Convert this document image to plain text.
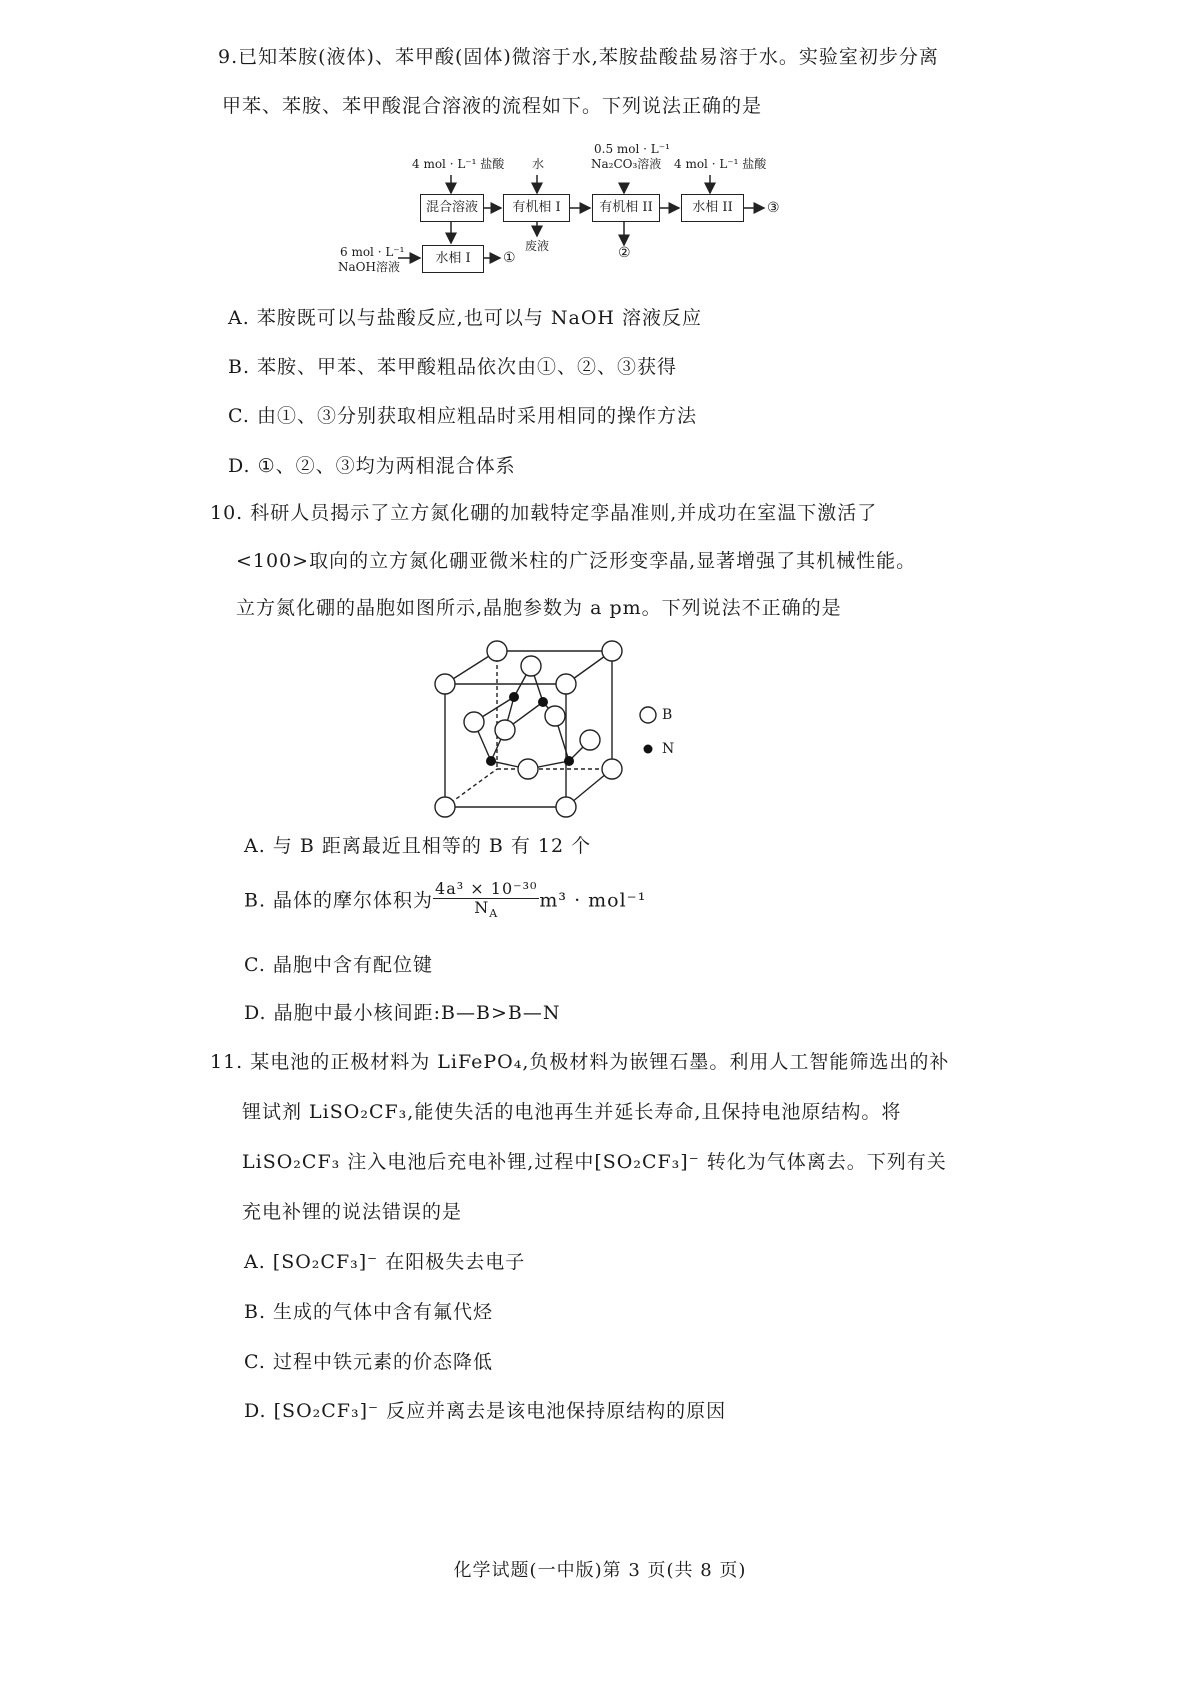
9.已知苯胺(液体)、苯甲酸(固体)微溶于水,苯胺盐酸盐易溶于水。实验室初步分离
甲苯、苯胺、苯甲酸混合溶液的流程如下。下列说法正确的是
4 mol · L⁻¹ 盐酸 水
0.5 mol · L⁻¹
Na₂CO₃溶液 4 mol · L⁻¹ 盐酸
混合溶液	有机相 I	有机相 II	水相 II	③
6 mol · L⁻¹
NaOH溶液
水相 I	①
废液	②
A. 苯胺既可以与盐酸反应,也可以与 NaOH 溶液反应
B. 苯胺、甲苯、苯甲酸粗品依次由①、②、③获得
C. 由①、③分别获取相应粗品时采用相同的操作方法
D. ①、②、③均为两相混合体系
10. 科研人员揭示了立方氮化硼的加载特定孪晶准则,并成功在室温下激活了
<100>取向的立方氮化硼亚微米柱的广泛形变孪晶,显著增强了其机械性能。
立方氮化硼的晶胞如图所示,晶胞参数为 a pm。下列说法不正确的是
B
N
A. 与 B 距离最近且相等的 B 有 12 个
B. 晶体的摩尔体积为 $\frac{\text{4a³ × 10⁻³⁰}}{N_A} m^3 \cdot mol^{-1}$
C. 晶胞中含有配位键
D. 晶胞中最小核间距:B—B>B—N
11. 某电池的正极材料为 LiFePO₄,负极材料为嵌锂石墨。利用人工智能筛选出的补
锂试剂 LiSO₂CF₃,能使失活的电池再生并延长寿命,且保持电池原结构。将
LiSO₂CF₃ 注入电池后充电补锂,过程中[SO₂CF₃]⁻ 转化为气体离去。下列有关
充电补锂的说法错误的是
A. [SO₂CF₃]⁻ 在阳极失去电子
B. 生成的气体中含有氟代烃
C. 过程中铁元素的价态降低
D. [SO₂CF₃]⁻ 反应并离去是该电池保持原结构的原因
化学试题(一中版)第 3 页(共 8 页)
